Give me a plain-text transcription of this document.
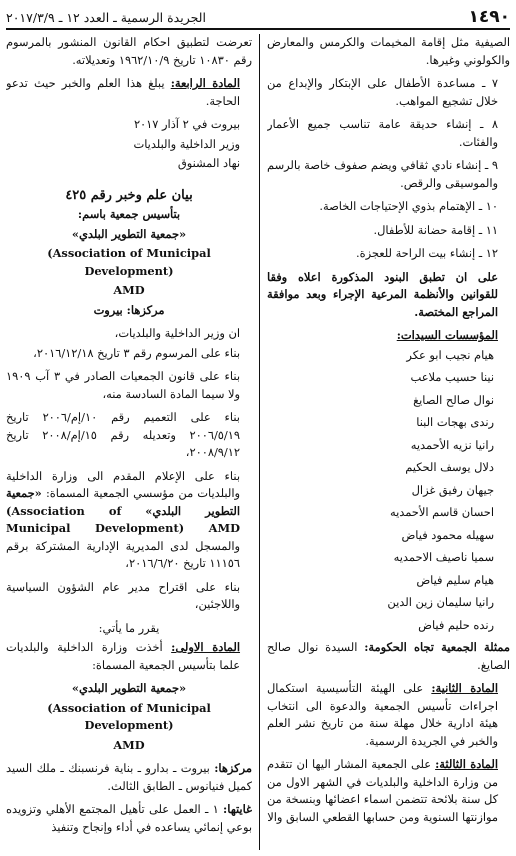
١٤٩٠
الجريدة الرسمية ـ العدد ١٢ ـ ٢٠١٧/٣/٩

الصيفية مثل إقامة المخيمات والكرمس والمعارض والكولوني وغيرها.

٧ ـ مساعدة الأطفال على الإبتكار والإبداع من خلال تشجيع المواهب.

٨ ـ إنشاء حديقة عامة تناسب جميع الأعمار والفئات.

٩ ـ إنشاء نادي ثقافي ويضم صفوف خاصة بالرسم والموسيقى والرقص.

١٠ ـ الإهتمام بذوي الإحتياجات الخاصة.

١١ ـ إقامة حضانة للأطفال.

١٢ ـ إنشاء بيت الراحة للعجزة.

على ان تطبق البنود المذكورة اعلاه وفقا للقوانين والأنظمة المرعية الإجراء وبعد موافقة المراجع المختصة.

المؤسسات السيدات:

هيام نجيب ابو عكر

نينا حسيب ملاعب

نوال صالح الصايغ

رندى بهجات البنا

رانيا نزيه الأحمديه

دلال يوسف الحكيم

جيهان رفيق غزال

احسان قاسم الأحمديه

سهيله محمود فياض

سميا ناصيف الاحمديه

هيام سليم فياض

رانيا سليمان زين الدين

رنده حليم فياض

ممثلة الجمعية تجاه الحكومة: السيدة نوال صالح الصايغ.

المادة الثانية: على الهيئة التأسيسية استكمال اجراءات تأسيس الجمعية والدعوة الى انتخاب هيئة ادارية خلال مهلة سنة من تاريخ نشر العلم والخبر في الجريدة الرسمية.

المادة الثالثة: على الجمعية المشار اليها ان تتقدم من وزارة الداخلية والبلديات في الشهر الاول من كل سنة بلائحة تتضمن اسماء اعضائها وبنسخة من موازنتها السنوية ومن حسابها القطعي السابق والا

تعرضت لتطبيق احكام القانون المنشور بالمرسوم رقم ١٠٨٣٠ تاريخ ١٩٦٢/١٠/٩ وتعديلاته.

المادة الرابعة: يبلغ هذا العلم والخبر حيث تدعو الحاجة.

بيروت في ٢ آذار ٢٠١٧

وزير الداخلية والبلديات

نهاد المشنوق

بيان علم وخبر رقم ٤٢٥

بتأسيس جمعية باسم:

«جمعية التطوير البلدي»

(Association of Municipal Development)

AMD

مركزها: بيروت

ان وزير الداخلية والبلديات،

بناء على المرسوم رقم ٣ تاريخ ٢٠١٦/١٢/١٨،

بناء على قانون الجمعيات الصادر في ٣ آب ١٩٠٩ ولا سيما المادة السادسة منه،

بناء على التعميم رقم ١٠/إم/٢٠٠٦ تاريخ ٢٠٠٦/٥/١٩ وتعديله رقم ١٥/إم/٢٠٠٨ تاريخ ٢٠٠٨/٩/١٢،

بناء على الإعلام المقدم الى وزارة الداخلية والبلديات من مؤسسي الجمعية المسماة: «جمعية التطوير البلدي» (Association of Municipal Development) AMD والمسجل لدى المديرية الإدارية المشتركة برقم ١١١٥٦ تاريخ ٢٠١٦/٦/٢٠،

بناء على اقتراح مدير عام الشؤون السياسية واللاجئين،

يقرر ما يأتي:

المادة الاولى: أخذت وزارة الداخلية والبلديات علما بتأسيس الجمعية المسماة:

«جمعية التطوير البلدي»

(Association of Municipal Development)

AMD

مركزها: بيروت ـ بدارو ـ بناية فرنسبنك ـ ملك السيد كميل فنيانوس ـ الطابق الثالث.

غايتها: ١ ـ العمل على تأهيل المجتمع الأهلي وتزويده بوعي إنمائي يساعده في أداء وإنجاح وتنفيذ
